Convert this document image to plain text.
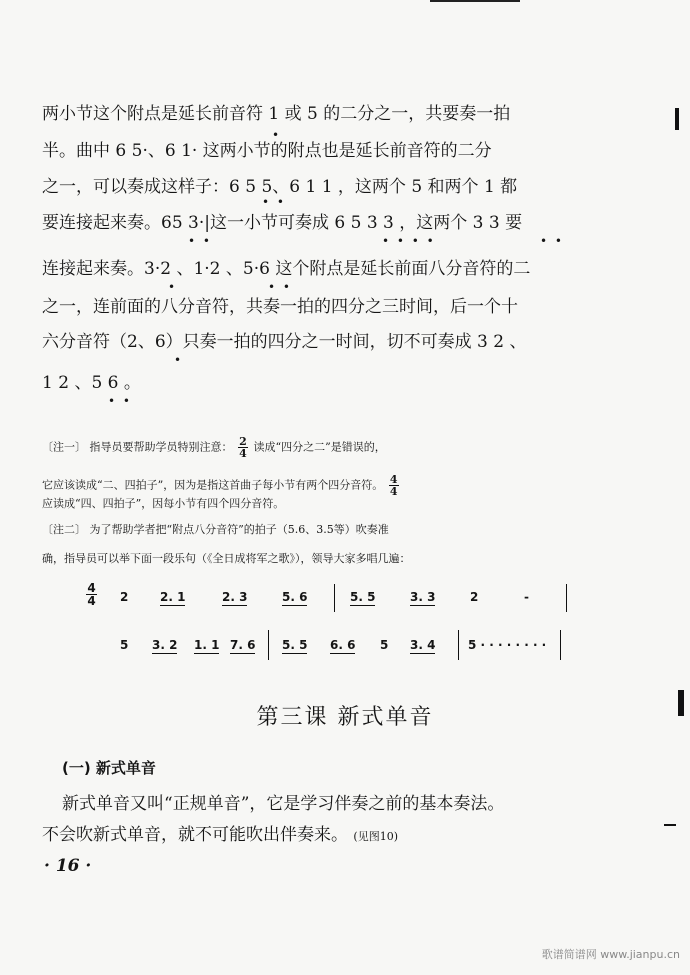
两小节这个附点是延长前音符 1 或 5 的二分之一，共要奏一拍
半。曲中 6 5·、6 1· 这两小节的附点也是延长前音符的二分
之一，可以奏成这样子：6 5 5、6 1 1 ，这两个 5 和两个 1 都
要连接起来奏。65 3·|这一小节可奏成 6 5 3 3 ，这两个 3 3 要
连接起来奏。3·2 、1·2 、5·6 这个附点是延长前面八分音符的二
之一，连前面的八分音符，共奏一拍的四分之三时间，后一个十
六分音符（2、6）只奏一拍的四分之一时间，切不可奏成 3 2 、
1 2 、5 6 。
•
• •
• •	• • • •	• •
•	• •
•
• •
〔注一〕 指导员要帮助学员特别注意： $\frac{2}{4}$ 读成“四分之二”是错误的，
它应该读成“二、四拍子”，因为是指这首曲子每小节有两个四分音符。 $\frac{4}{4}$
应读成“四、四拍子”，因每小节有四个四分音符。
〔注二〕 为了帮助学者把“附点八分音符”的拍子（5.6、3.5等）吹奏准
确，指导员可以举下面一段乐句（《全日成将军之歌》），领导大家多唱几遍：
4
4 2	2. 1	2. 3	5. 6	5. 5	3. 3	2	-
5 3. 2 1. 1 7. 6 5. 5 6. 6 5 3. 4	5 · · · · · · · ·
第三课 新式单音
(一) 新式单音
新式单音又叫“正规单音”，它是学习伴奏之前的基本奏法。
不会吹新式单音，就不可能吹出伴奏来。 (见图10)
· 16 ·
歌谱简谱网 www.jianpu.cn
